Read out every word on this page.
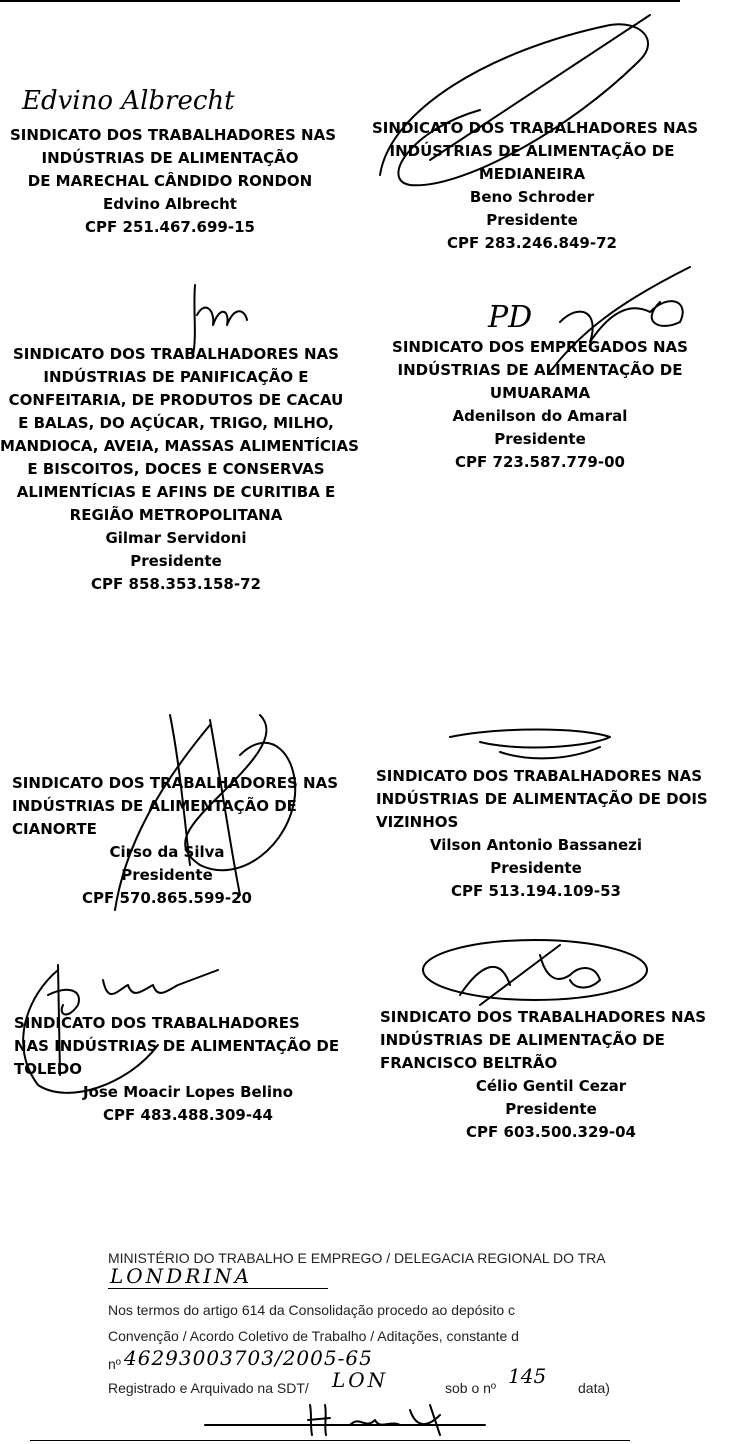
Edvino Albrecht
SINDICATO DOS TRABALHADORES NAS
INDÚSTRIAS DE ALIMENTAÇÃO
DE MARECHAL CÂNDIDO RONDON
Edvino Albrecht
CPF 251.467.699-15
SINDICATO DOS TRABALHADORES NAS
INDÚSTRIAS DE ALIMENTAÇÃO DE
MEDIANEIRA
Beno Schroder
Presidente
CPF 283.246.849-72
SINDICATO DOS TRABALHADORES NAS
INDÚSTRIAS DE PANIFICAÇÃO E
CONFEITARIA, DE PRODUTOS DE CACAU
E BALAS, DO AÇÚCAR, TRIGO, MILHO,
MANDIOCA, AVEIA, MASSAS ALIMENTÍCIAS
E BISCOITOS, DOCES E CONSERVAS
ALIMENTÍCIAS E AFINS DE CURITIBA E
REGIÃO METROPOLITANA
Gilmar Servidoni
Presidente
CPF 858.353.158-72
PD
SINDICATO DOS EMPREGADOS NAS
INDÚSTRIAS DE ALIMENTAÇÃO DE
UMUARAMA
Adenilson do Amaral
Presidente
CPF 723.587.779-00
SINDICATO DOS TRABALHADORES NAS
INDÚSTRIAS DE ALIMENTAÇÃO DE
CIANORTE
Cirso da Silva
Presidente
CPF 570.865.599-20
SINDICATO DOS TRABALHADORES NAS
INDÚSTRIAS DE ALIMENTAÇÃO DE DOIS
VIZINHOS
Vilson Antonio Bassanezi
Presidente
CPF 513.194.109-53
SINDICATO DOS TRABALHADORES
NAS INDÚSTRIAS DE ALIMENTAÇÃO DE
TOLEDO
Jose Moacir Lopes Belino
CPF 483.488.309-44
SINDICATO DOS TRABALHADORES NAS
INDÚSTRIAS DE ALIMENTAÇÃO DE
FRANCISCO BELTRÃO
Célio Gentil Cezar
Presidente
CPF 603.500.329-04
MINISTÉRIO DO TRABALHO E EMPREGO / DELEGACIA REGIONAL DO TRA
LONDRINA
Nos termos do artigo 614 da Consolidação procedo ao depósito c
Convenção / Acordo Coletivo de Trabalho / Aditações, constante d
nº 46293003703/2005-65
Registrado e Arquivado na SDT/ LON	sob o nº 145 data)
